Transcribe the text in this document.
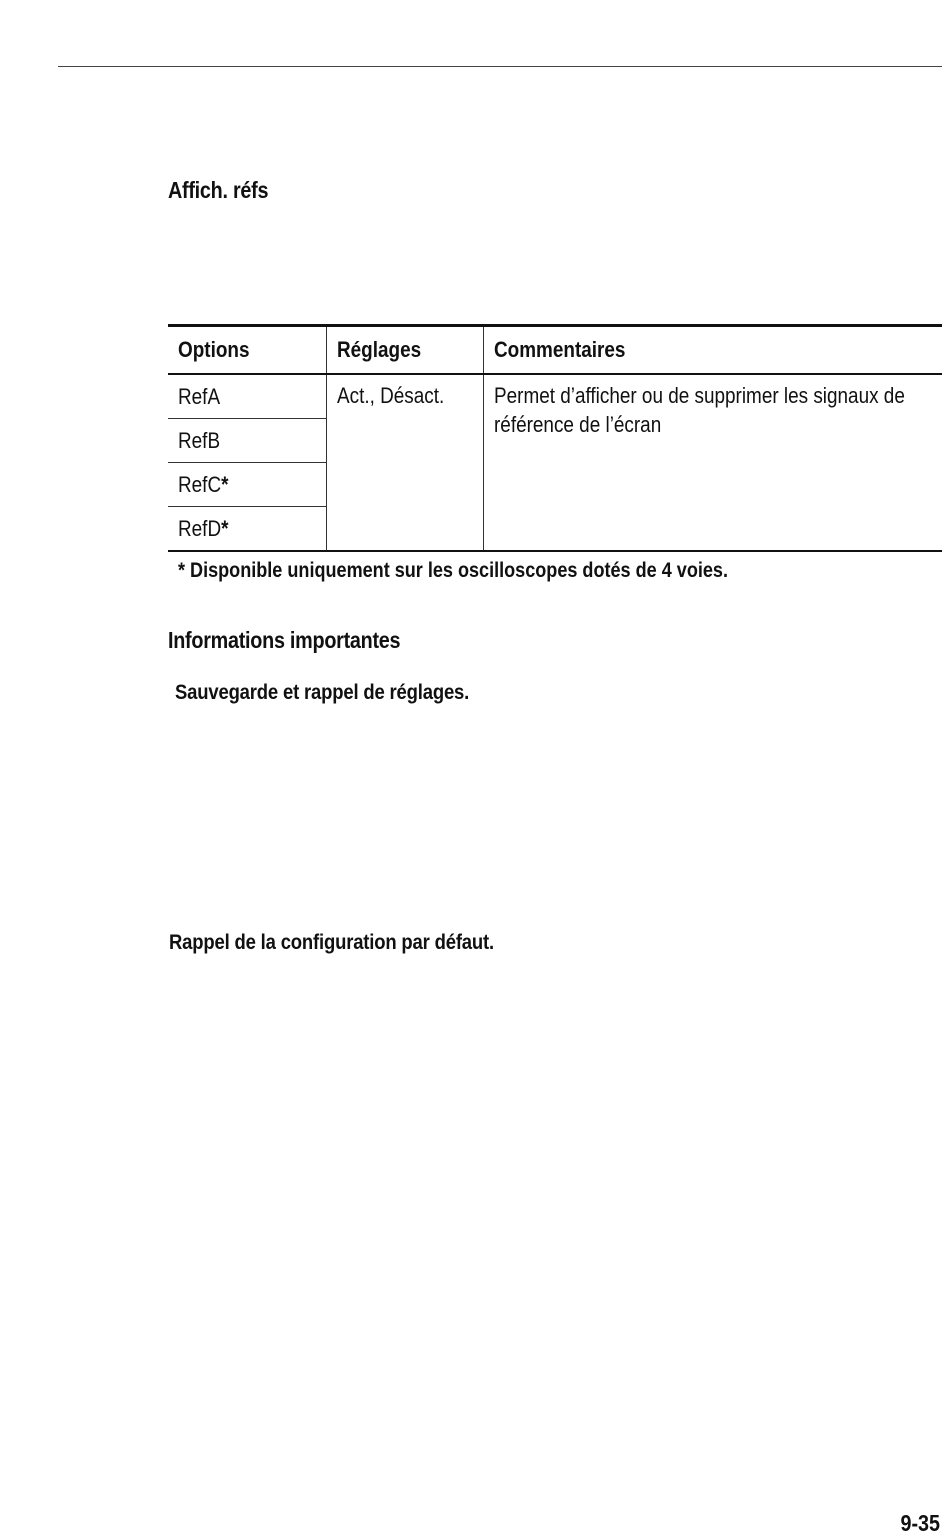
Affich. réfs
Options	Réglages	Commentaires
RefA	Act., Désact.	Permet d’afficher ou de supprimer les signaux de référence de l’écran
RefB		
RefC*		
RefD*		
* Disponible uniquement sur les oscilloscopes dotés de 4 voies.
Informations importantes
Sauvegarde et rappel de réglages.
Rappel de la configuration par défaut.
9-35
